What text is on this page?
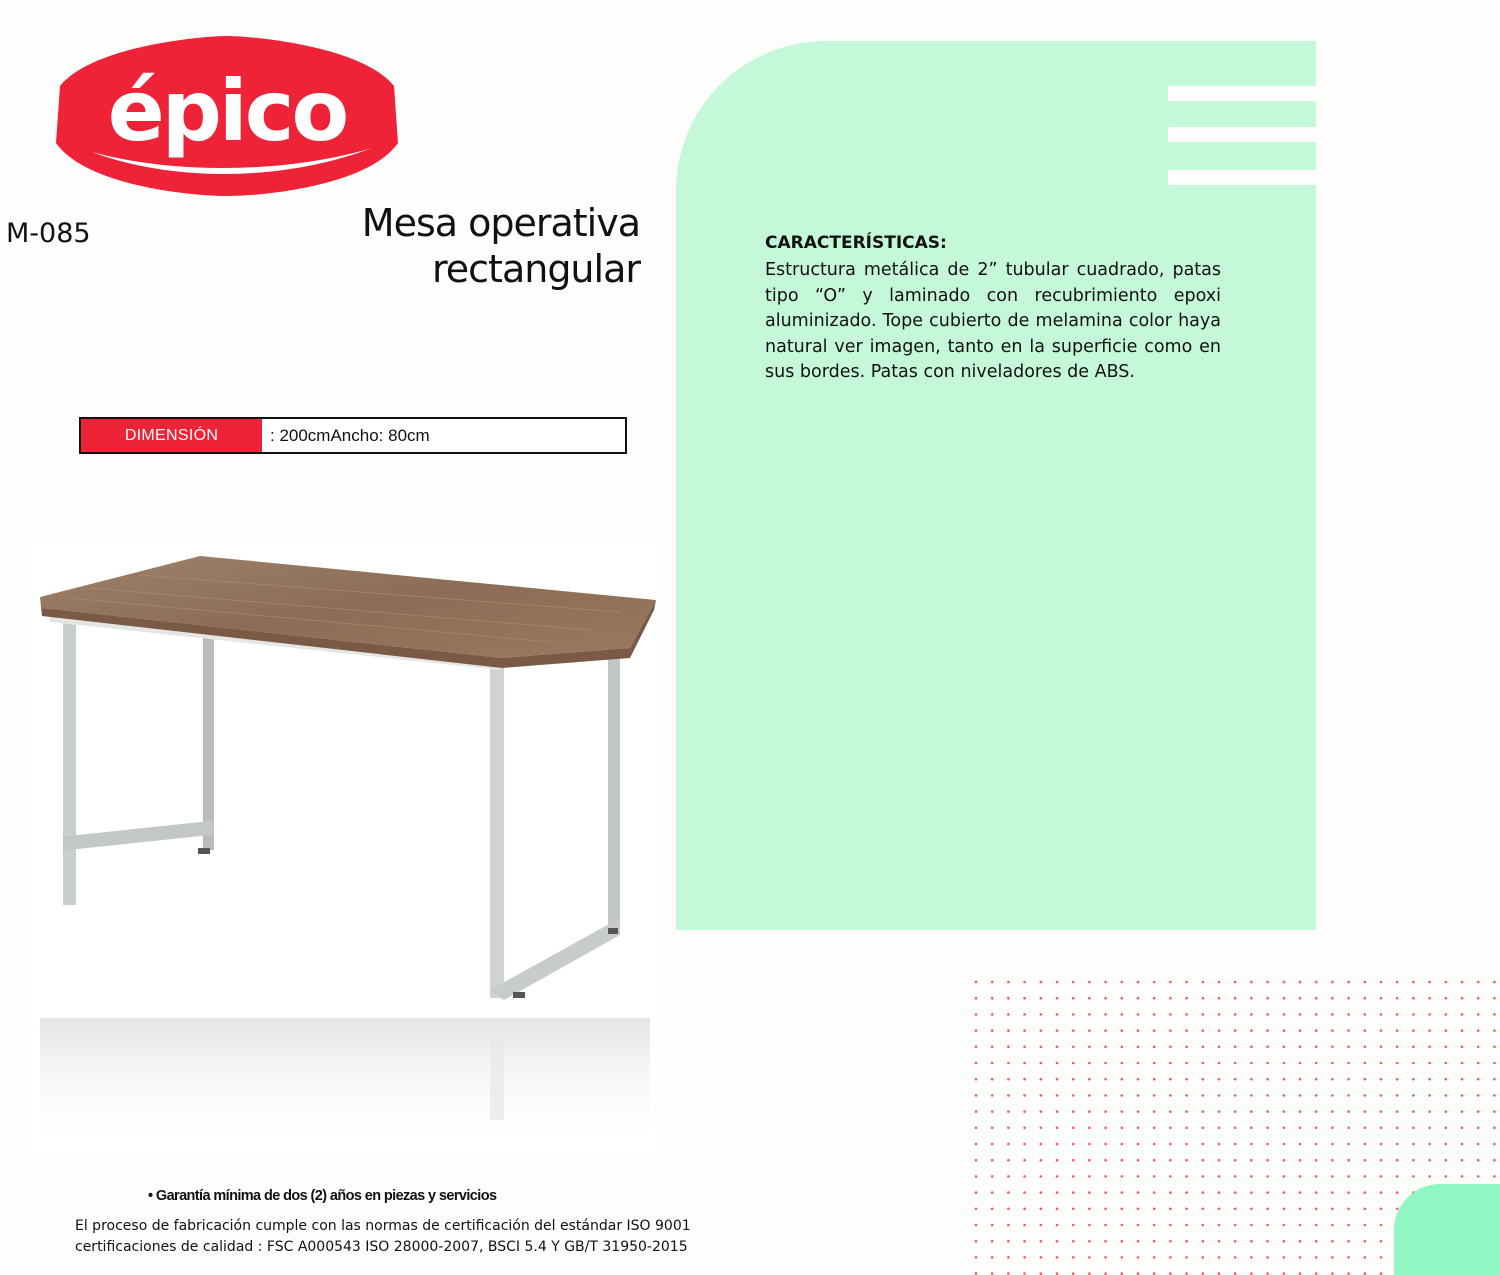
épico
M-085	Mesa operativa
rectangular
DIMENSIÓN	: 200cmAncho: 80cm
CARACTERÍSTICAS:
Estructura metálica de 2” tubular cuadrado, patas tipo “O” y laminado con recubrimiento epoxi aluminizado. Tope cubierto de melamina color haya natural ver imagen, tanto en la superficie como en sus bordes. Patas con niveladores de ABS.
• Garantía mínima de dos (2) años en piezas y servicios
El proceso de fabricación cumple con las normas de certificación del estándar ISO 9001
certificaciones de calidad : FSC A000543 ISO 28000-2007, BSCI 5.4 Y GB/T 31950-2015
